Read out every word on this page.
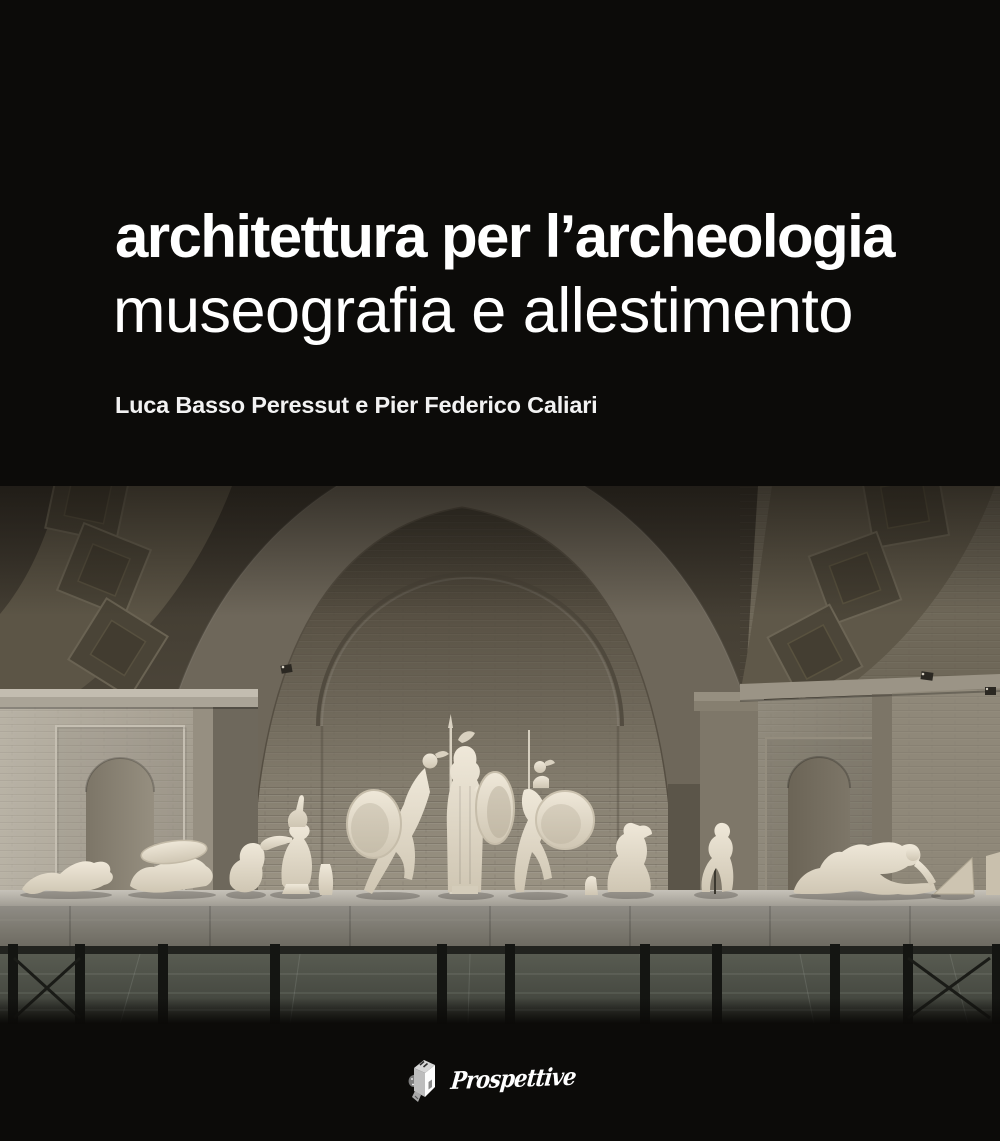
architettura per l’archeologia
museografia e allestimento
Luca Basso Peressut e Pier Federico Caliari
Prospettive
